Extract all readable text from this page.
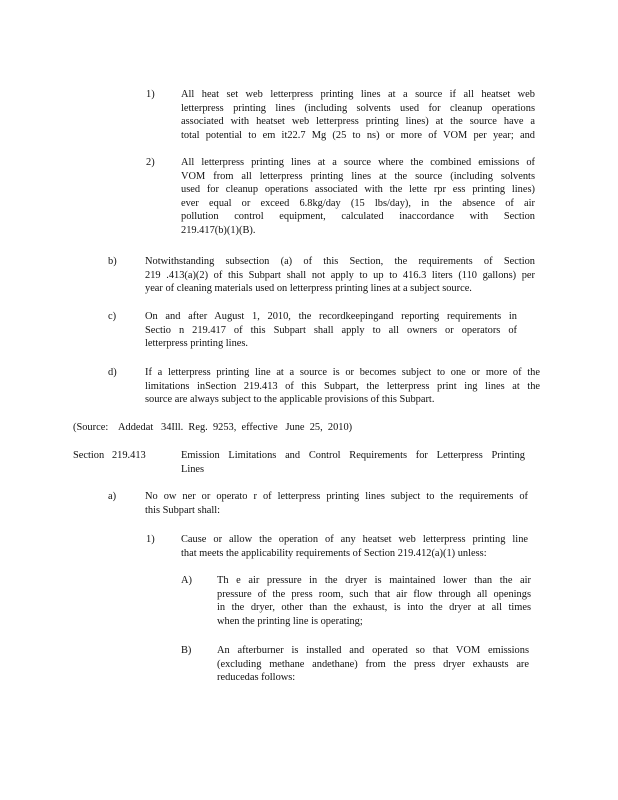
1)	All heat set web letterpress printing lines at a source if all heatset web
letterpress printing lines (including solvents used for cleanup operations
associated with heatset web letterpress printing lines) at the source have a
total potential to em it22.7 Mg (25 to ns) or more of VOM per year; and
2)	All letterpress printing lines at a source where the combined emissions of
VOM from all letterpress printing lines at the source (including solvents
used for cleanup operations associated with the lette rpr ess printing lines)
ever equal or exceed 6.8kg/day (15 lbs/day), in the absence of air
pollution control equipment, calculated inaccordance with Section
219.417(b)(1)(B).
b)	Notwithstanding subsection (a) of this Section, the requirements of Section
219 .413(a)(2) of this Subpart shall not apply to up to 416.3 liters (110 gallons) per
year of cleaning materials used on letterpress printing lines at a subject source.
c)	On and after August 1, 2010, the recordkeepingand reporting requirements in
Sectio n 219.417 of this Subpart shall apply to all owners or operators of
letterpress printing lines.
d)	If a letterpress printing line at a source is or becomes subject to one or more of the
limitations inSection 219.413 of this Subpart, the letterpress print ing lines at the
source are always subject to the applicable provisions of this Subpart.
(Source:    Addedat   34Ill.  Reg.  9253,  effective   June  25,  2010)
Section   219.413	Emission Limitations and Control Requirements for Letterpress Printing
Lines
a)	No ow ner or operato r of letterpress printing lines subject to the requirements of
this Subpart shall:
1)	Cause or allow the operation of any heatset web letterpress printing line
that meets the applicability requirements of Section 219.412(a)(1) unless:
A) Th e air pressure in the dryer is maintained lower than the air
pressure of the press room, such that air flow through all openings
in the dryer, other than the exhaust, is into the dryer at all times
when the printing line is operating;
B) An afterburner is installed and operated so that VOM emissions
(excluding methane andethane) from the press dryer exhausts are
reducedas follows:
